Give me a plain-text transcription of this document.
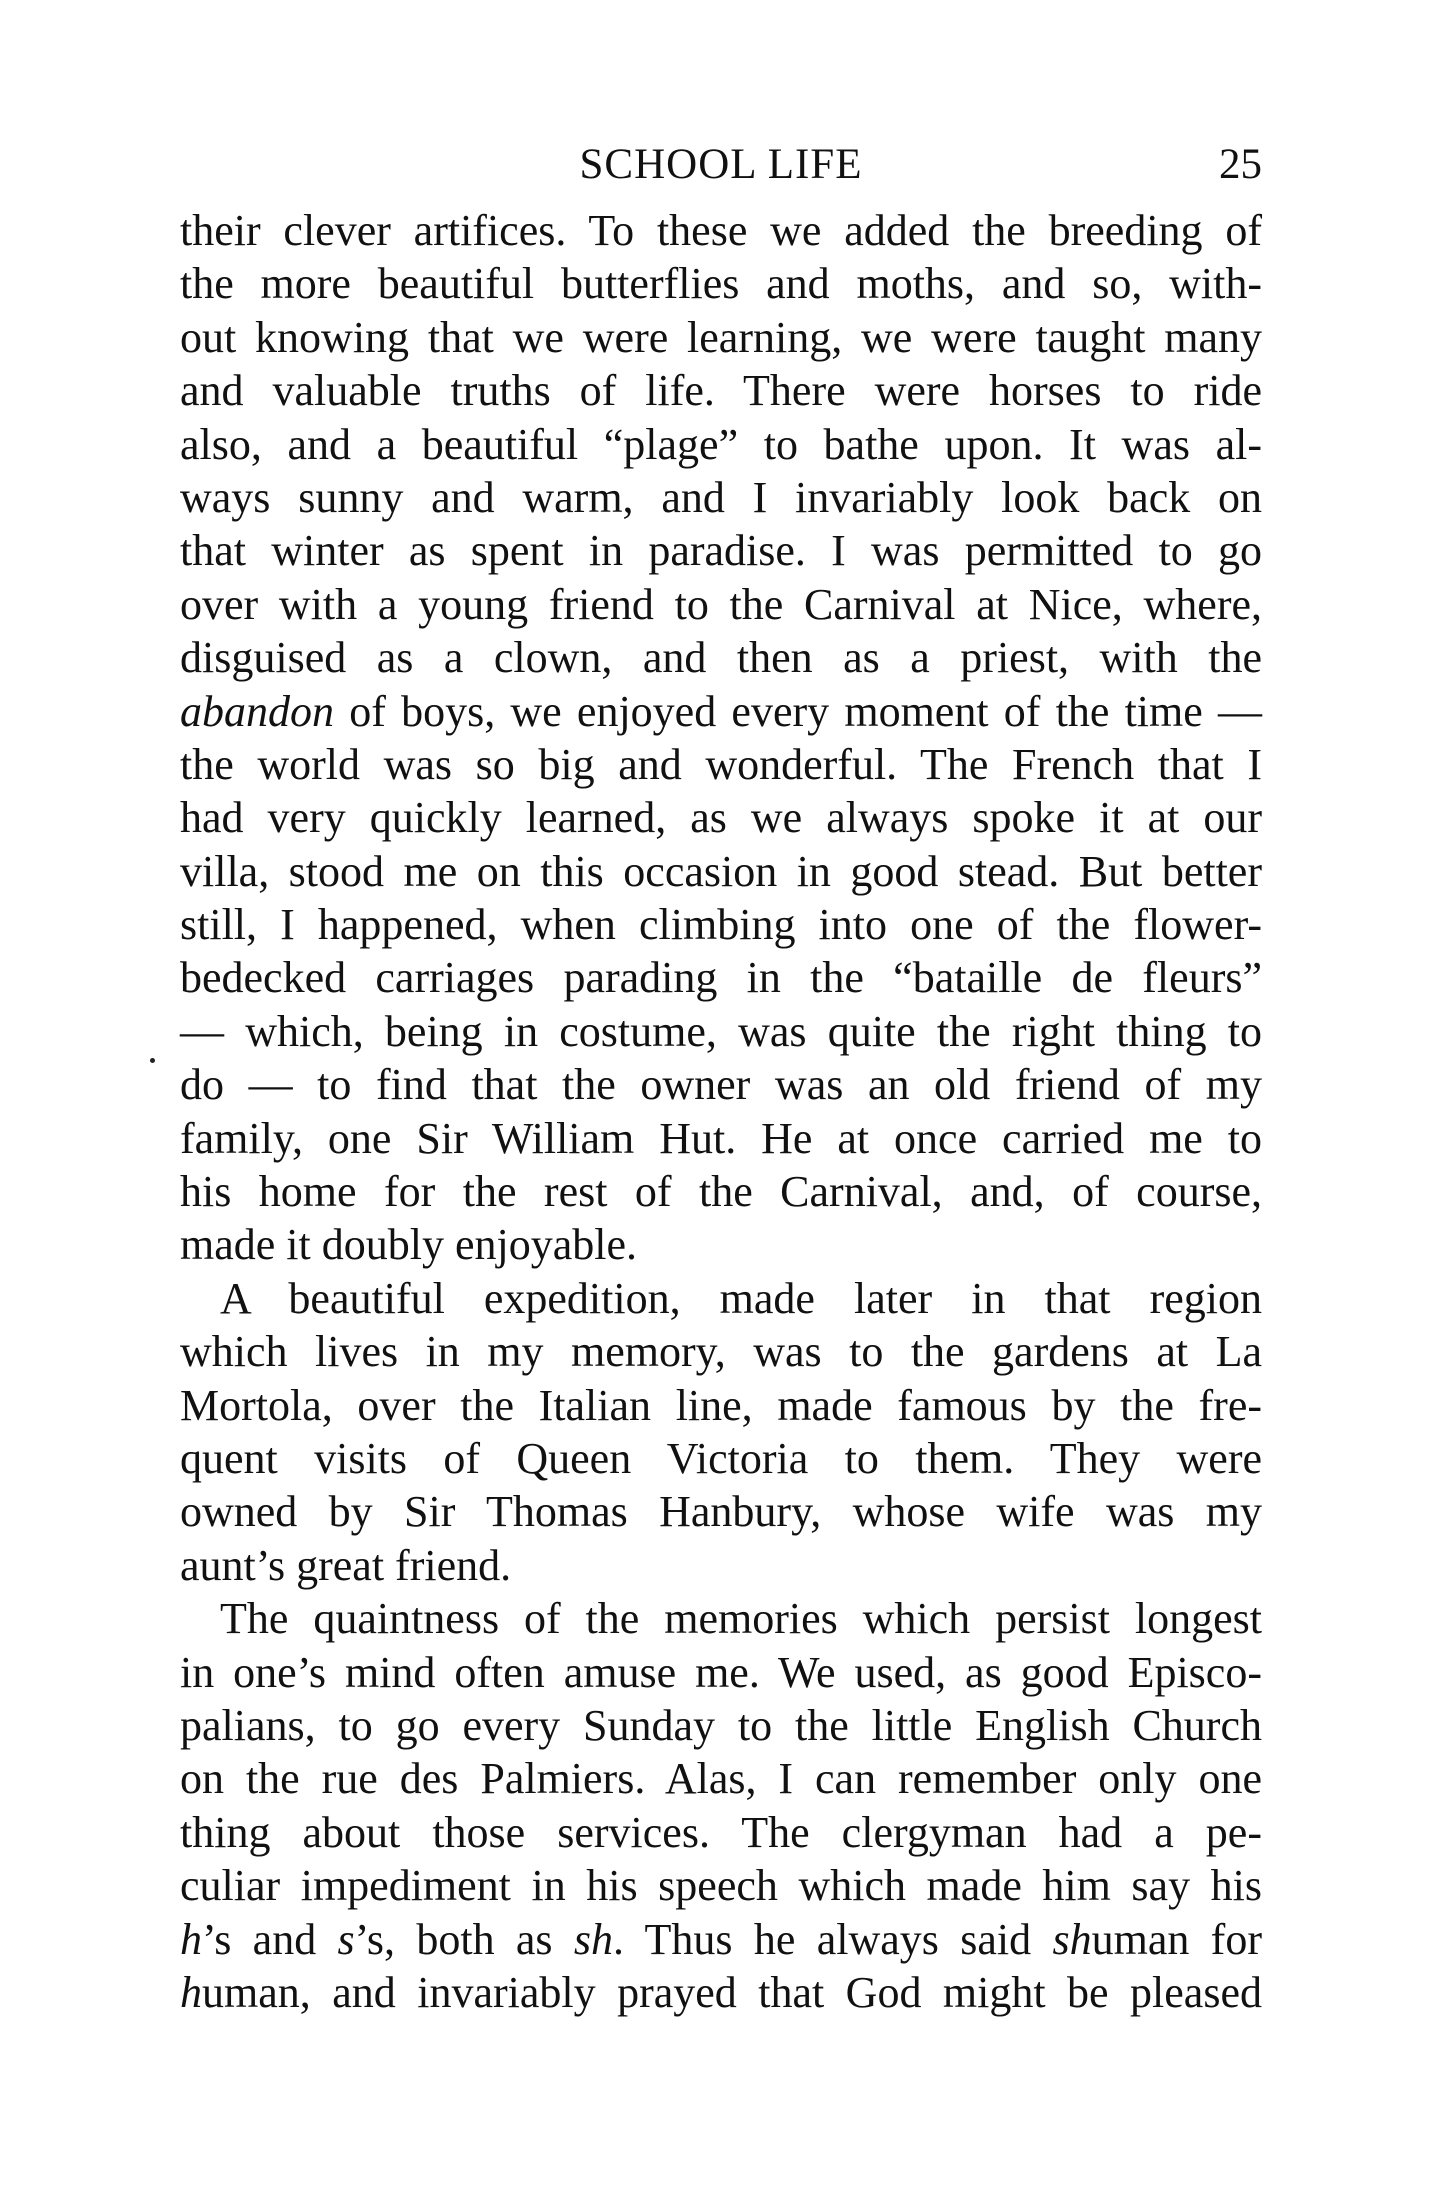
SCHOOL LIFE	25
their clever artifices. To these we added the breeding of
the more beautiful butterflies and moths, and so, with-
out knowing that we were learning, we were taught many
and valuable truths of life. There were horses to ride
also, and a beautiful “plage” to bathe upon. It was al-
ways sunny and warm, and I invariably look back on
that winter as spent in paradise. I was permitted to go
over with a young friend to the Carnival at Nice, where,
disguised as a clown, and then as a priest, with the
abandon of boys, we enjoyed every moment of the time —
the world was so big and wonderful. The French that I
had very quickly learned, as we always spoke it at our
villa, stood me on this occasion in good stead. But better
still, I happened, when climbing into one of the flower-
bedecked carriages parading in the “bataille de fleurs”
— which, being in costume, was quite the right thing to
do — to find that the owner was an old friend of my
family, one Sir William Hut. He at once carried me to
his home for the rest of the Carnival, and, of course,
made it doubly enjoyable.
A beautiful expedition, made later in that region
which lives in my memory, was to the gardens at La
Mortola, over the Italian line, made famous by the fre-
quent visits of Queen Victoria to them. They were
owned by Sir Thomas Hanbury, whose wife was my
aunt’s great friend.
The quaintness of the memories which persist longest
in one’s mind often amuse me. We used, as good Episco-
palians, to go every Sunday to the little English Church
on the rue des Palmiers. Alas, I can remember only one
thing about those services. The clergyman had a pe-
culiar impediment in his speech which made him say his
h’s and s’s, both as sh. Thus he always said shuman for
human, and invariably prayed that God might be pleased
